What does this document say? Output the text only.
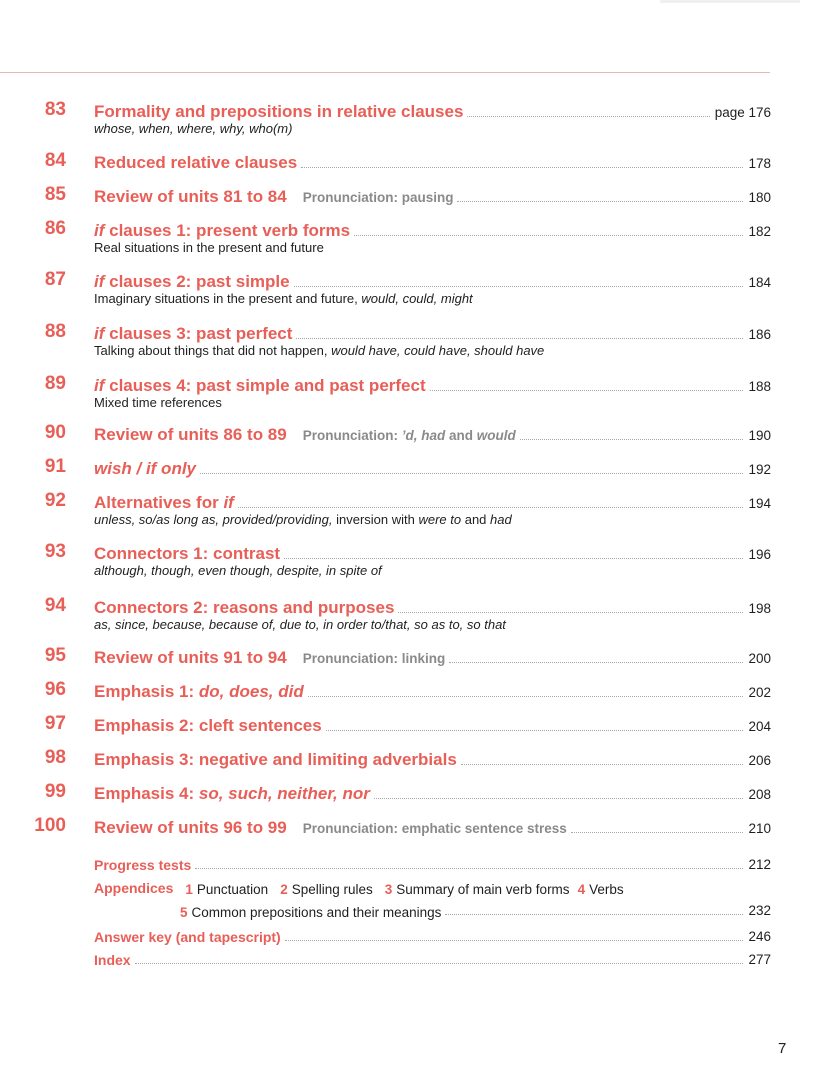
83 Formality and prepositions in relative clauses	page 176
whose, when, where, why, who(m)
84 Reduced relative clauses	178
85 Review of units 81 to 84 Pronunciation: pausing	180
86 if clauses 1: present verb forms	182
Real situations in the present and future
87 if clauses 2: past simple	184
Imaginary situations in the present and future, would, could, might
88 if clauses 3: past perfect	186
Talking about things that did not happen, would have, could have, should have
89 if clauses 4: past simple and past perfect	188
Mixed time references
90 Review of units 86 to 89 Pronunciation: ’d, had and would	190
91 wish / if only	192
92 Alternatives for if	194
unless, so/as long as, provided/providing, inversion with were to and had
93 Connectors 1: contrast	196
although, though, even though, despite, in spite of
94 Connectors 2: reasons and purposes	198
as, since, because, because of, due to, in order to/that, so as to, so that
95 Review of units 91 to 94 Pronunciation: linking	200
96 Emphasis 1: do, does, did	202
97 Emphasis 2: cleft sentences	204
98 Emphasis 3: negative and limiting adverbials	206
99 Emphasis 4: so, such, neither, nor	208
100 Review of units 96 to 99 Pronunciation: emphatic sentence stress	210
Progress tests	212
Appendices 1 Punctuation 2 Spelling rules 3 Summary of main verb forms 4 Verbs
5 Common prepositions and their meanings	232
Answer key (and tapescript)	246
Index	277
7
